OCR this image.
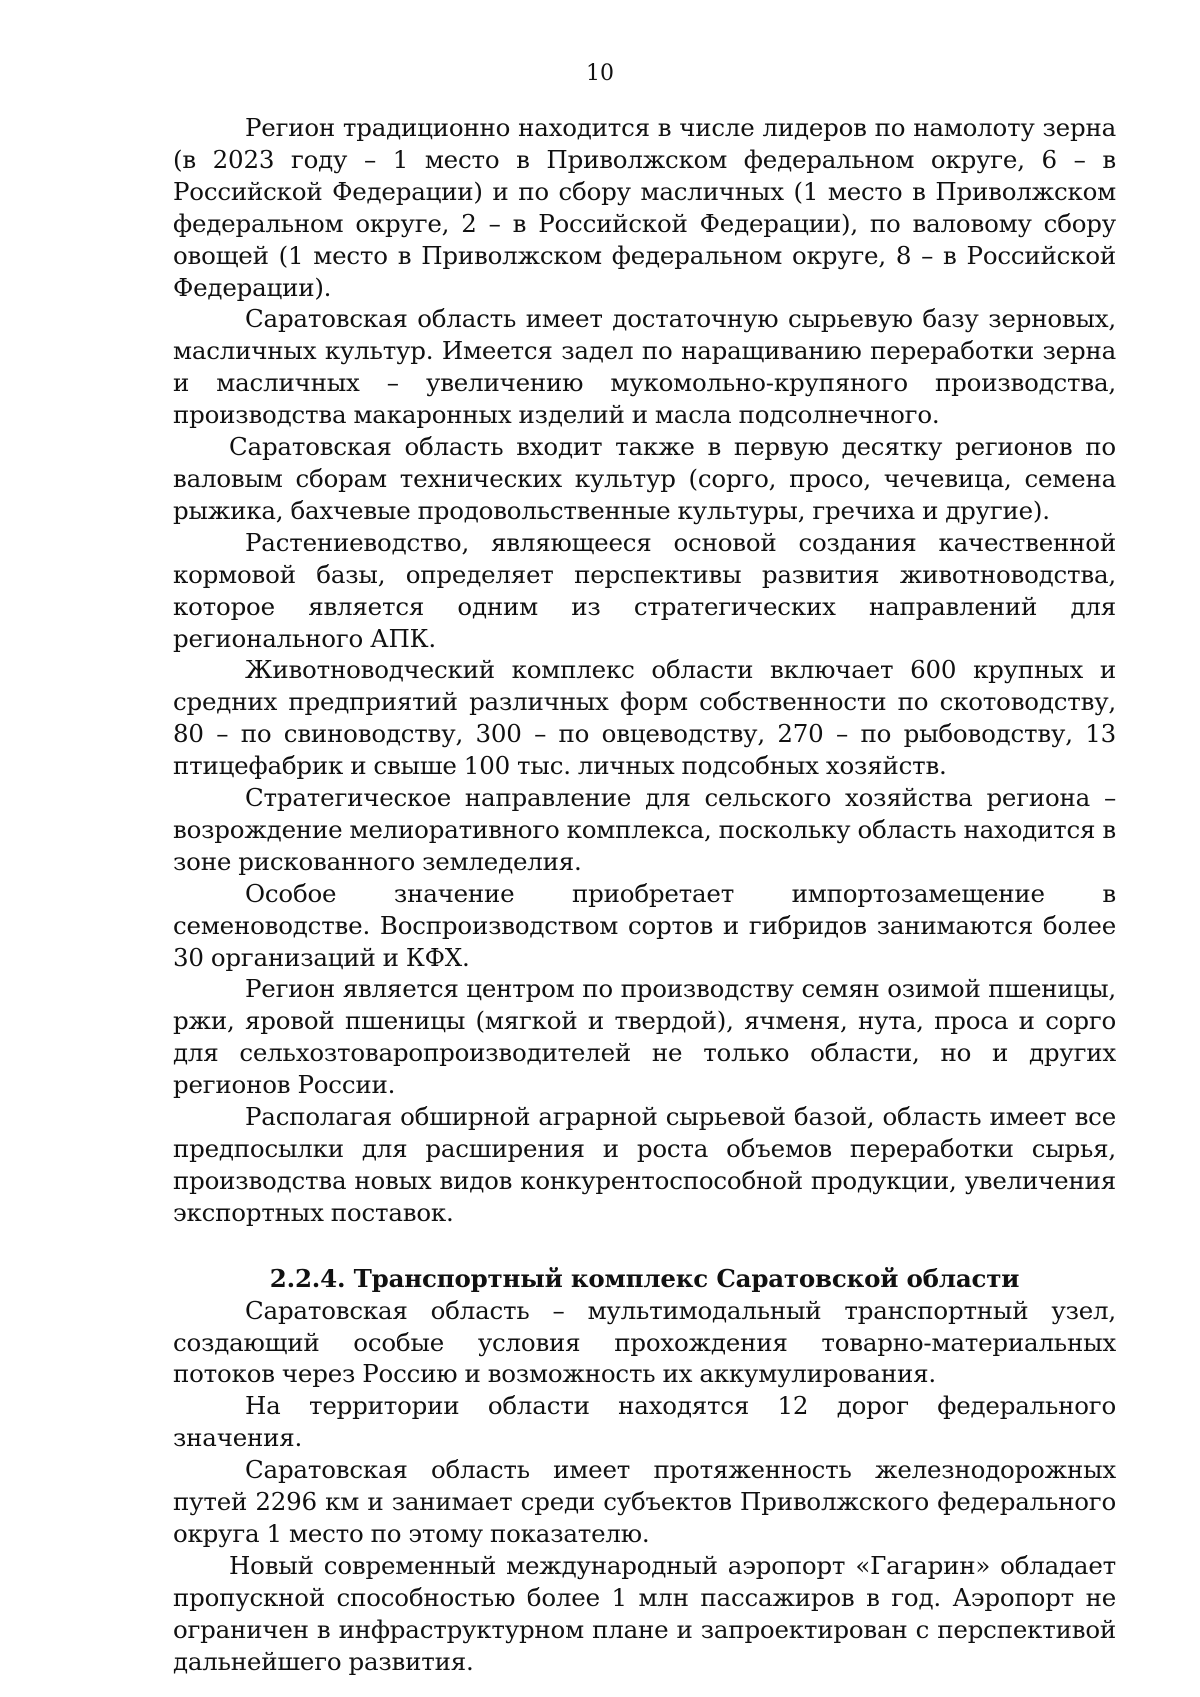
10

Регион традиционно находится в числе лидеров по намолоту зерна (в 2023 году – 1 место в Приволжском федеральном округе, 6 – в Российской Федерации) и по сбору масличных (1 место в Приволжском федеральном округе, 2 – в Российской Федерации), по валовому сбору овощей (1 место в Приволжском федеральном округе, 8 – в Российской Федерации).

Саратовская область имеет достаточную сырьевую базу зерновых, масличных культур. Имеется задел по наращиванию переработки зерна и масличных – увеличению мукомольно-крупяного производства, производства макаронных изделий и масла подсолнечного.

Саратовская область входит также в первую десятку регионов по валовым сборам технических культур (сорго, просо, чечевица, семена рыжика, бахчевые продовольственные культуры, гречиха и другие).

Растениеводство, являющееся основой создания качественной кормовой базы, определяет перспективы развития животноводства, которое является одним из стратегических направлений для регионального АПК.

Животноводческий комплекс области включает 600 крупных и средних предприятий различных форм собственности по скотоводству, 80 – по свиноводству, 300 – по овцеводству, 270 – по рыбоводству, 13 птицефабрик и свыше 100 тыс. личных подсобных хозяйств.

Стратегическое направление для сельского хозяйства региона – возрождение мелиоративного комплекса, поскольку область находится в зоне рискованного земледелия.

Особое значение приобретает импортозамещение в семеноводстве. Воспроизводством сортов и гибридов занимаются более 30 организаций и КФХ.

Регион является центром по производству семян озимой пшеницы, ржи, яровой пшеницы (мягкой и твердой), ячменя, нута, проса и сорго для сельхозтоваропроизводителей не только области, но и других регионов России.

Располагая обширной аграрной сырьевой базой, область имеет все предпосылки для расширения и роста объемов переработки сырья, производства новых видов конкурентоспособной продукции, увеличения экспортных поставок.

2.2.4. Транспортный комплекс Саратовской области

Саратовская область – мультимодальный транспортный узел, создающий особые условия прохождения товарно-материальных потоков через Россию и возможность их аккумулирования.

На территории области находятся 12 дорог федерального значения.

Саратовская область имеет протяженность железнодорожных путей 2296 км и занимает среди субъектов Приволжского федерального округа 1 место по этому показателю.

Новый современный международный аэропорт «Гагарин» обладает пропускной способностью более 1 млн пассажиров в год. Аэропорт не ограничен в инфраструктурном плане и запроектирован с перспективой дальнейшего развития.
